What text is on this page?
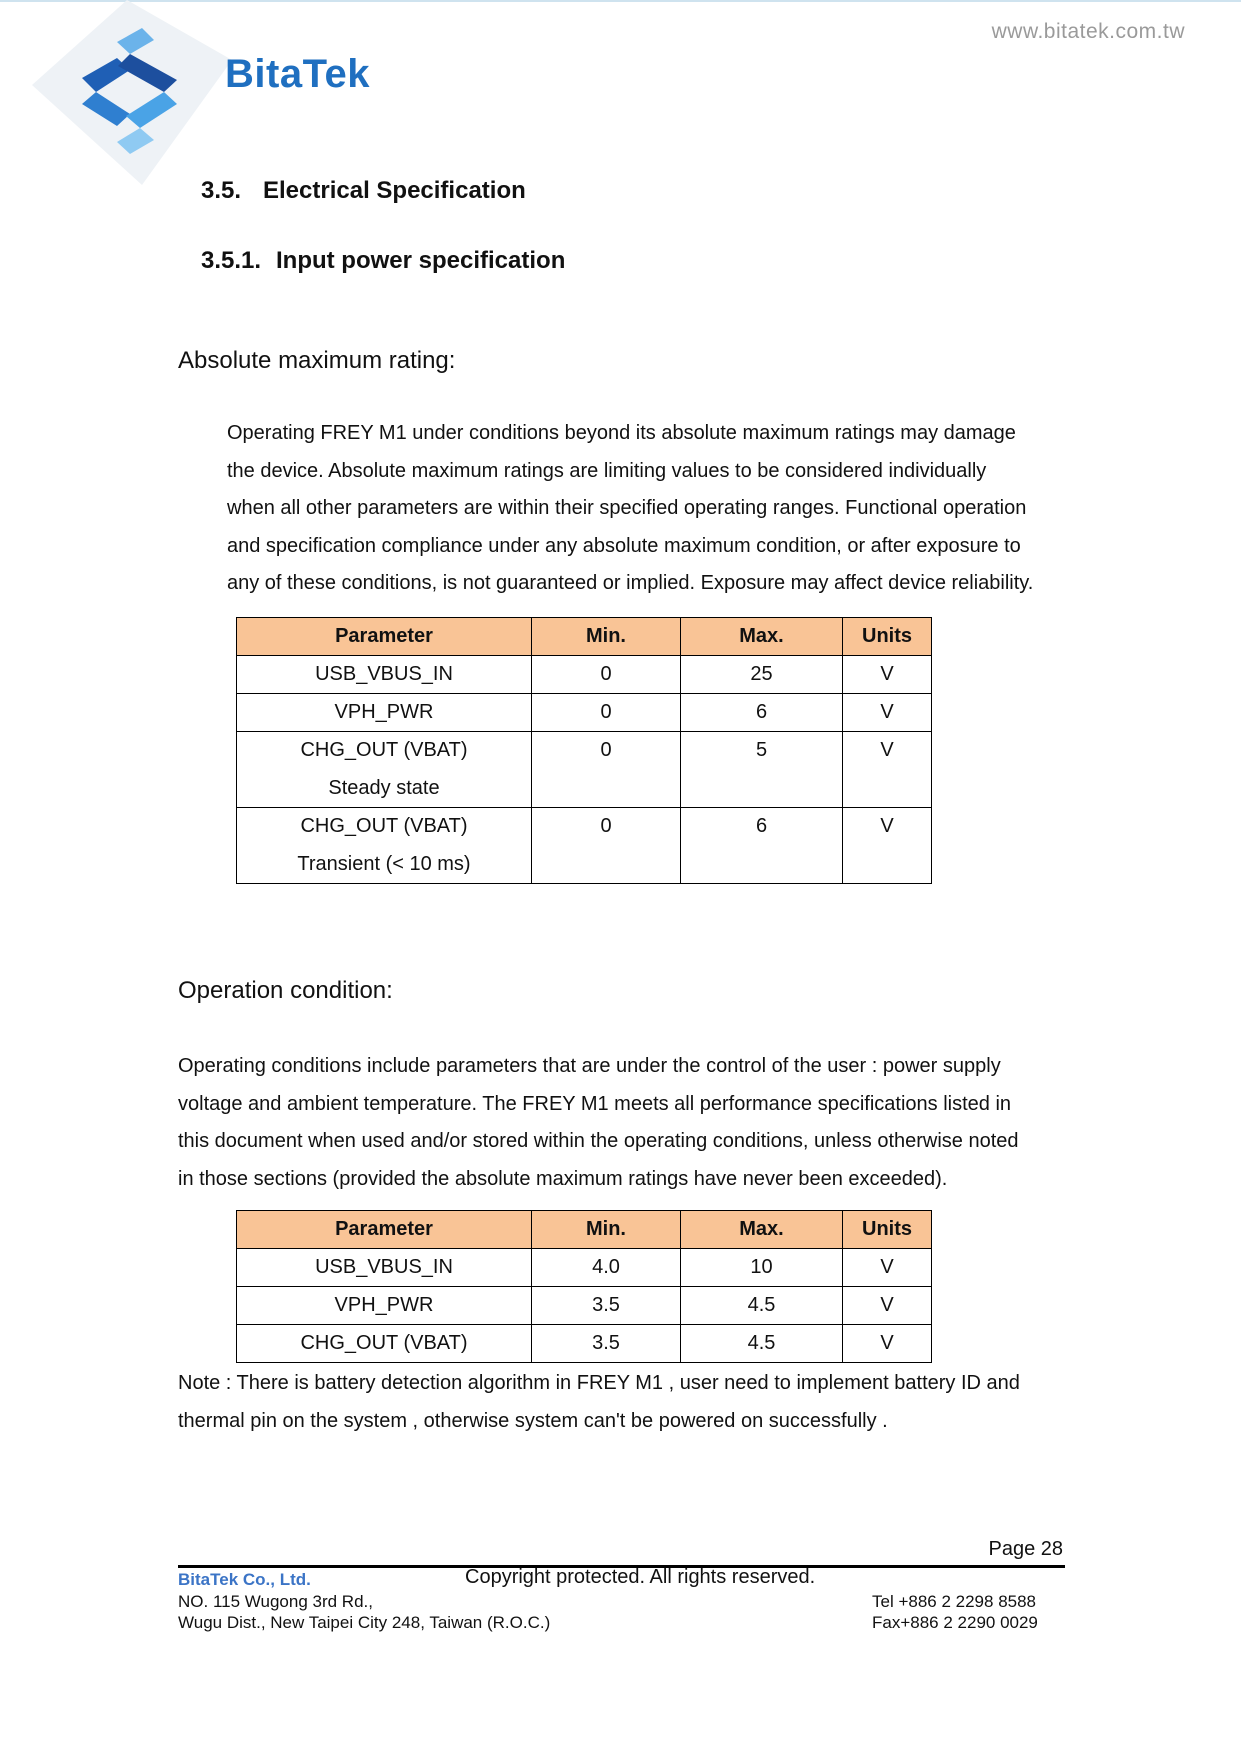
BitaTek
www.bitatek.com.tw
3.5. Electrical Specification
3.5.1. Input power specification
Absolute maximum rating:

Operating FREY M1 under conditions beyond its absolute maximum ratings may damage

the device. Absolute maximum ratings are limiting values to be considered individually

when all other parameters are within their specified operating ranges. Functional operation

and specification compliance under any absolute maximum condition, or after exposure to

any of these conditions, is not guaranteed or implied. Exposure may affect device reliability.

Parameter	Min.	Max.	Units
USB_VBUS_IN	0	25	V
VPH_PWR	0	6	V

CHG_OUT (VBAT)
Steady state	0	5	V

CHG_OUT (VBAT)
Transient (< 10 ms)	0	6	V
Operation condition:

Operating conditions include parameters that are under the control of the user : power supply

voltage and ambient temperature. The FREY M1 meets all performance specifications listed in

this document when used and/or stored within the operating conditions, unless otherwise noted

in those sections (provided the absolute maximum ratings have never been exceeded).

Parameter	Min.	Max.	Units
USB_VBUS_IN	4.0	10	V
VPH_PWR	3.5	4.5	V
CHG_OUT (VBAT)	3.5	4.5	V

Note : There is battery detection algorithm in FREY M1 , user need to implement battery ID and

thermal pin on the system , otherwise system can't be powered on successfully .

Page 28
BitaTek Co., Ltd.	Copyright protected. All rights reserved.
NO. 115 Wugong 3rd Rd.,
Wugu Dist., New Taipei City 248, Taiwan (R.O.C.)
Tel +886 2 2298 8588
Fax+886 2 2290 0029
